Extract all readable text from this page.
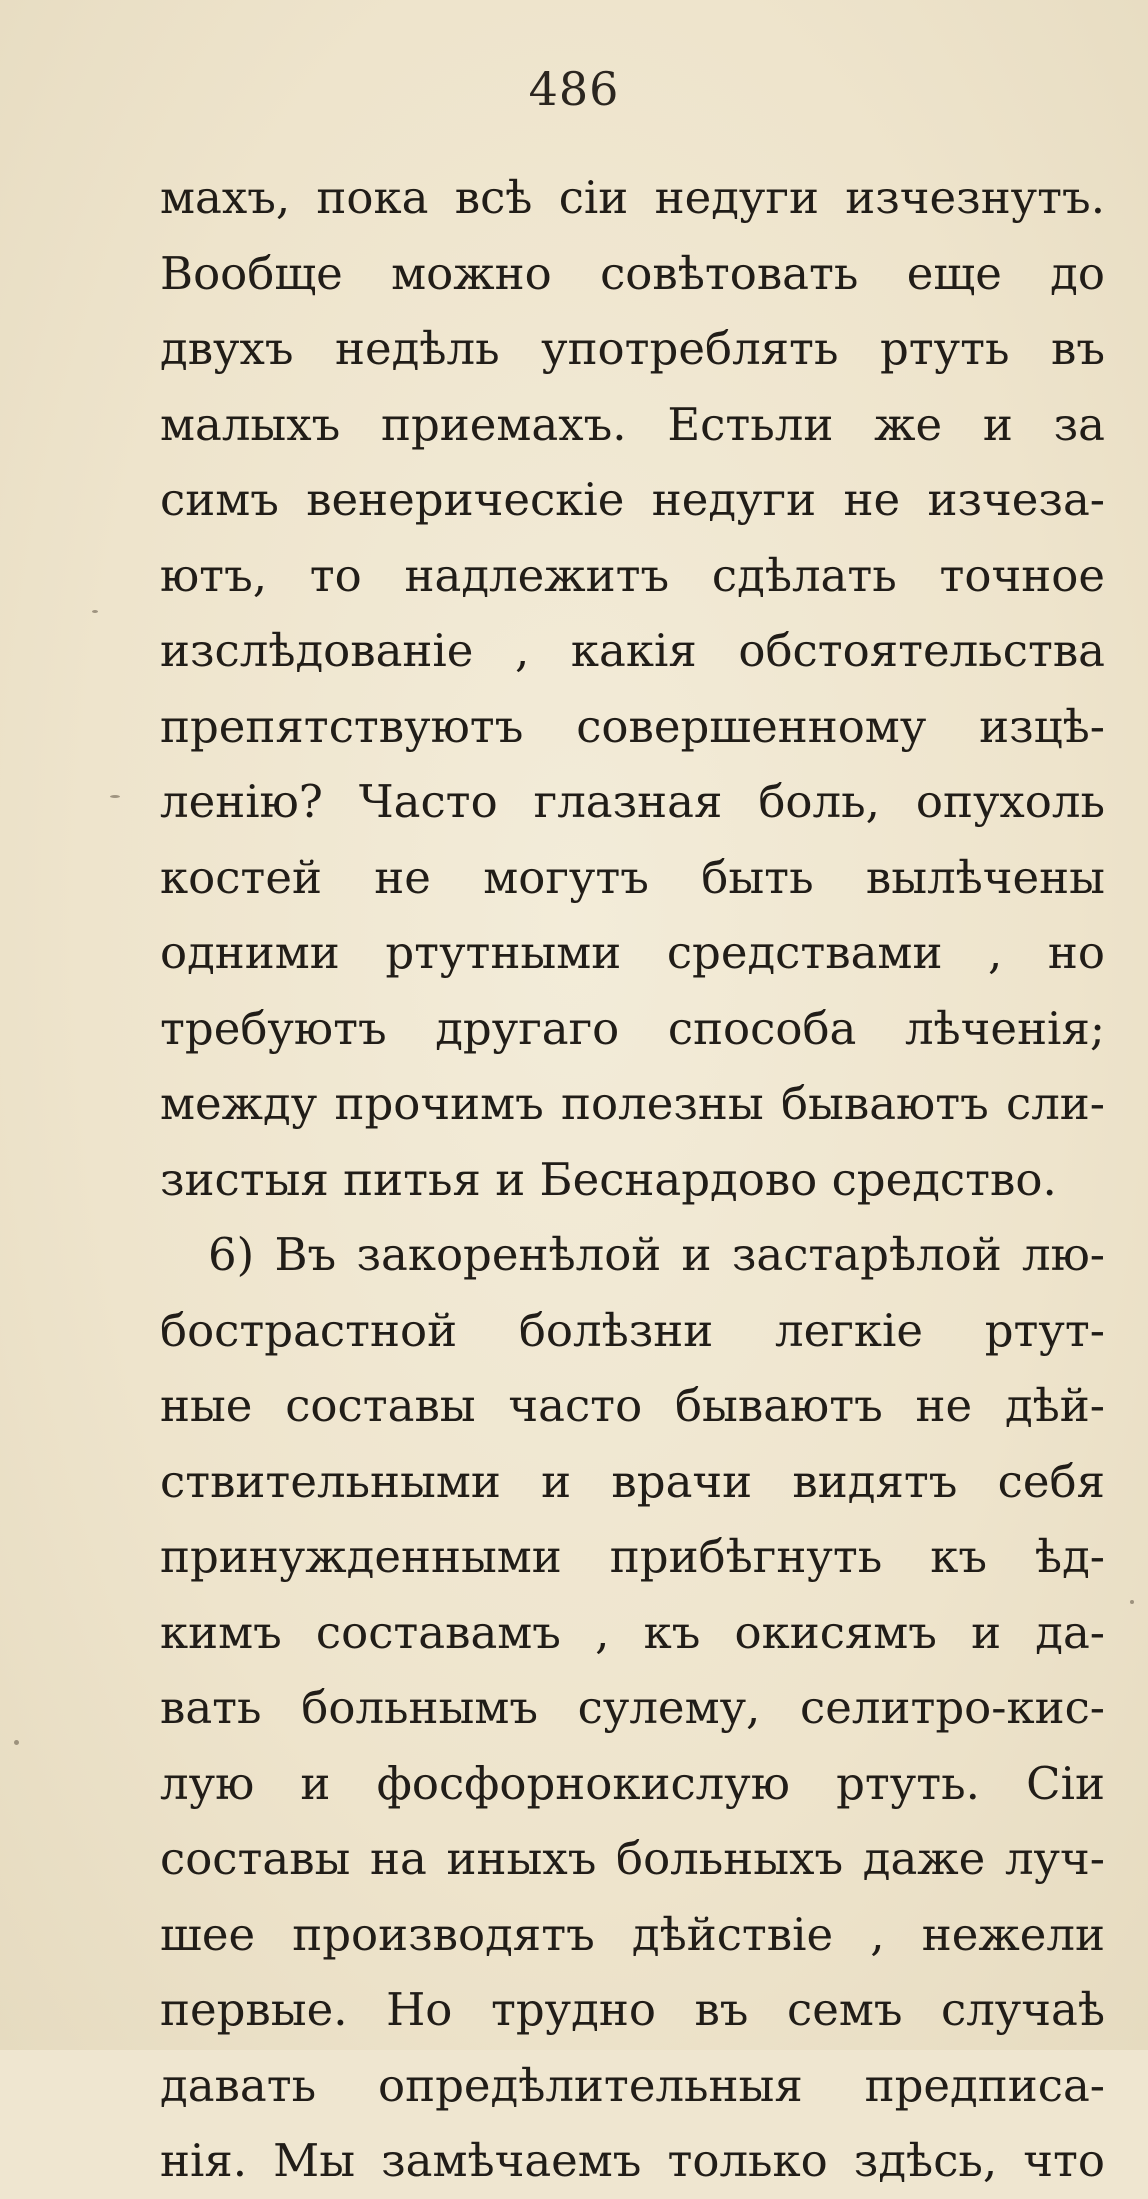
486
махъ, пока всѣ сіи недуги изчезнутъ.
Вообще можно совѣтовать еще до
двухъ недѣль употреблять ртуть въ
малыхъ приемахъ. Естьли же и за
симъ венерическіе недуги не изчеза-
ютъ, то надлежитъ сдѣлать точное
изслѣдованіе , какія обстоятельства
препятствуютъ совершенному изцѣ-
ленію? Часто глазная боль, опухоль
костей не могутъ быть вылѣчены
одними ртутными средствами , но
требуютъ другаго способа лѣченія;
между прочимъ полезны бываютъ сли-
зистыя питья и Беснардово средство.
6) Въ закоренѣлой и застарѣлой лю-
бострастной болѣзни легкіе ртут-
ные составы часто бываютъ не дѣй-
ствительными и врачи видятъ себя
принужденными прибѣгнуть къ ѣд-
кимъ составамъ , къ окисямъ и да-
вать больнымъ сулему, селитро-кис-
лую и фосфорнокислую ртуть. Сіи
составы на иныхъ больныхъ даже луч-
шее производятъ дѣйствіе , нежели
первые. Но трудно въ семъ случаѣ
давать опредѣлительныя предписа-
нія. Мы замѣчаемъ только здѣсь, что
